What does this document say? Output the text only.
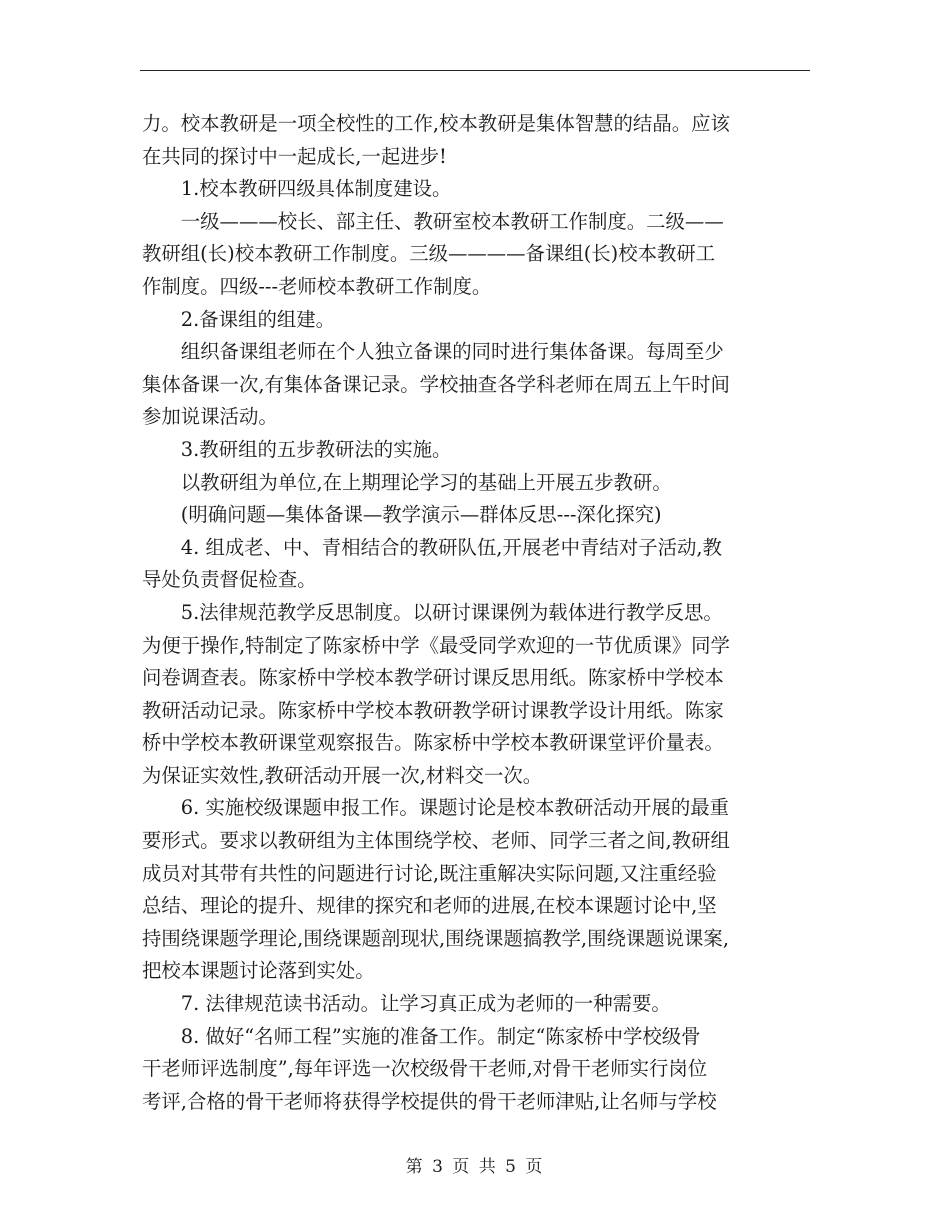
力。校本教研是一项全校性的工作,校本教研是集体智慧的结晶。应该
在共同的探讨中一起成长,一起进步!
　　1.校本教研四级具体制度建设。
　　一级———校长、部主任、教研室校本教研工作制度。二级——
教研组(长)校本教研工作制度。三级————备课组(长)校本教研工
作制度。四级---老师校本教研工作制度。
　　2.备课组的组建。
　　组织备课组老师在个人独立备课的同时进行集体备课。每周至少
集体备课一次,有集体备课记录。学校抽查各学科老师在周五上午时间
参加说课活动。
　　3.教研组的五步教研法的实施。
　　以教研组为单位,在上期理论学习的基础上开展五步教研。
　　(明确问题—集体备课—教学演示—群体反思---深化探究)
　　4. 组成老、中、青相结合的教研队伍,开展老中青结对子活动,教
导处负责督促检查。
　　5.法律规范教学反思制度。以研讨课课例为载体进行教学反思。
为便于操作,特制定了陈家桥中学《最受同学欢迎的一节优质课》同学
问卷调查表。陈家桥中学校本教学研讨课反思用纸。陈家桥中学校本
教研活动记录。陈家桥中学校本教研教学研讨课教学设计用纸。陈家
桥中学校本教研课堂观察报告。陈家桥中学校本教研课堂评价量表。
为保证实效性,教研活动开展一次,材料交一次。
　　6. 实施校级课题申报工作。课题讨论是校本教研活动开展的最重
要形式。要求以教研组为主体围绕学校、老师、同学三者之间,教研组
成员对其带有共性的问题进行讨论,既注重解决实际问题,又注重经验
总结、理论的提升、规律的探究和老师的进展,在校本课题讨论中,坚
持围绕课题学理论,围绕课题剖现状,围绕课题搞教学,围绕课题说课案,
把校本课题讨论落到实处。
　　7. 法律规范读书活动。让学习真正成为老师的一种需要。
　　8. 做好“名师工程”实施的准备工作。制定“陈家桥中学校级骨
干老师评选制度”,每年评选一次校级骨干老师,对骨干老师实行岗位
考评,合格的骨干老师将获得学校提供的骨干老师津贴,让名师与学校
第 3 页 共 5 页
